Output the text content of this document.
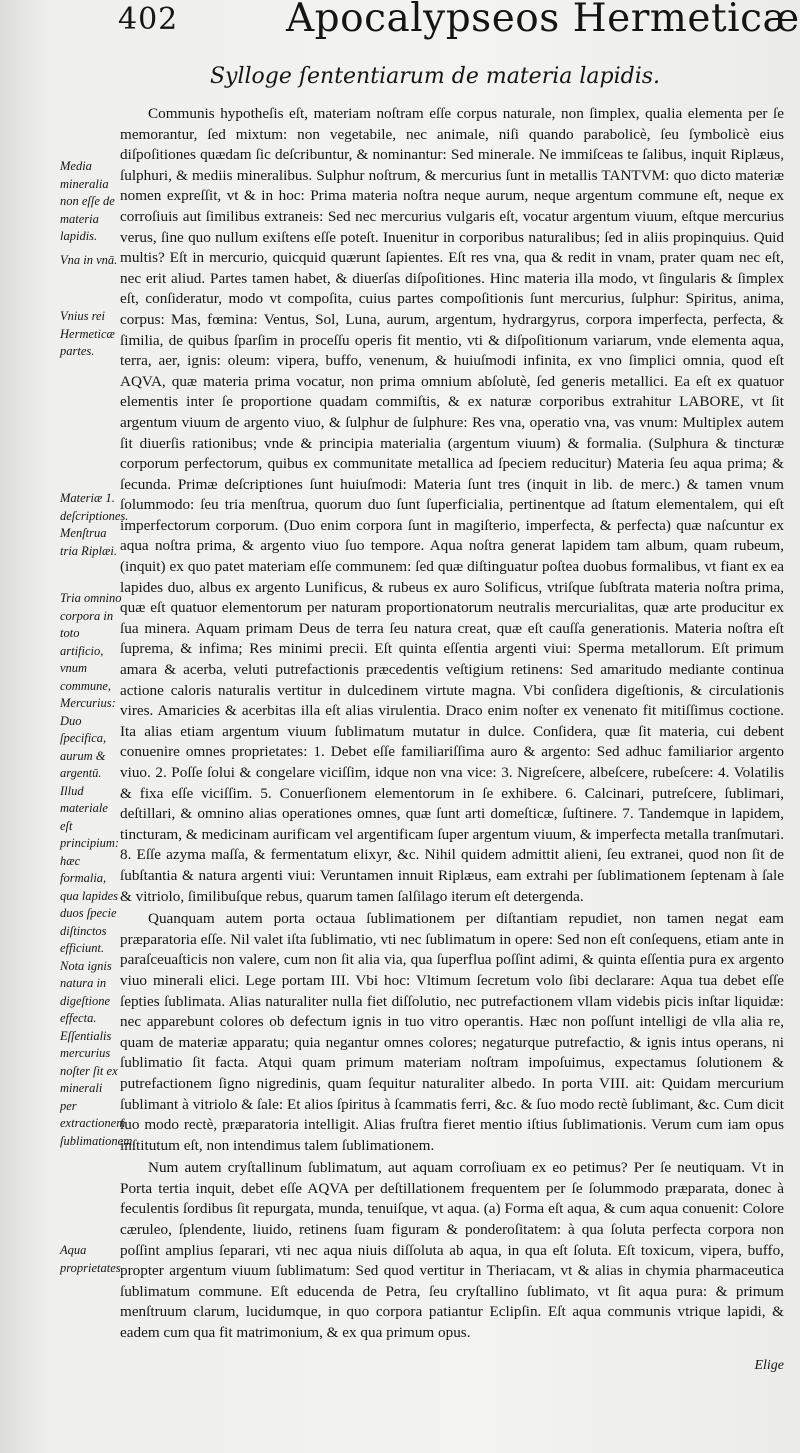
402	Apocalypseos Hermeticæ
Sylloge ſententiarum de materia lapidis.

Communis hypotheſis eſt, materiam noſtram eſſe corpus naturale, non ſimplex, qualia elementa per ſe memorantur, ſed mixtum: non vegetabile, nec animale, niſi quando parabolicè, ſeu ſymbolicè eius diſpoſitiones quædam ſic deſcribuntur, & nominantur: Sed minerale. Ne immiſceas te ſalibus, inquit Riplæus, ſulphuri, & mediis mineralibus. Sulphur noſtrum, & mercurius ſunt in metallis TANTVM: quo dicto materiæ nomen expreſſit, vt & in hoc: Prima materia noſtra neque aurum, neque argentum commune eſt, neque ex corroſiuis aut ſimilibus extraneis: Sed nec mercurius vulgaris eſt, vocatur argentum viuum, eſtque mercurius verus, ſine quo nullum exiſtens eſſe poteſt. Inuenitur in corporibus naturalibus; ſed in aliis propinquius. Quid multis? Eſt in mercurio, quicquid quærunt ſapientes. Eſt res vna, qua & redit in vnam, prater quam nec eſt, nec erit aliud. Partes tamen habet, & diuerſas diſpoſitiones. Hinc materia illa modo, vt ſingularis & ſimplex eſt, conſideratur, modo vt compoſita, cuius partes compoſitionis ſunt mercurius, ſulphur: Spiritus, anima, corpus: Mas, fœmina: Ventus, Sol, Luna, aurum, argentum, hydrargyrus, corpora imperfecta, perfecta, & ſimilia, de quibus ſparſim in proceſſu operis fit mentio, vti & diſpoſitionum variarum, vnde elementa aqua, terra, aer, ignis: oleum: vipera, buffo, venenum, & huiuſmodi infinita, ex vno ſimplici omnia, quod eſt AQVA, quæ materia prima vocatur, non prima omnium abſolutè, ſed generis metallici. Ea eſt ex quatuor elementis inter ſe proportione quadam commiſtis, & ex naturæ corporibus extrahitur LABORE, vt ſit argentum viuum de argento viuo, & ſulphur de ſulphure: Res vna, operatio vna, vas vnum: Multiplex autem ſit diuerſis rationibus; vnde & principia materialia (argentum viuum) & formalia. (Sulphura & tincturæ corporum perfectorum, quibus ex communitate metallica ad ſpeciem reducitur) Materia ſeu aqua prima; & ſecunda. Primæ deſcriptiones ſunt huiuſmodi: Materia ſunt tres (inquit in lib. de merc.) & tamen vnum ſolummodo: ſeu tria menſtrua, quorum duo ſunt ſuperficialia, pertinentque ad ſtatum elementalem, qui eſt imperfectorum corporum. (Duo enim corpora ſunt in magiſterio, imperfecta, & perfecta) quæ naſcuntur ex aqua noſtra prima, & argento viuo ſuo tempore. Aqua noſtra generat lapidem tam album, quam rubeum, (inquit) ex quo patet materiam eſſe communem: ſed quæ diſtinguatur poſtea duobus formalibus, vt fiant ex ea lapides duo, albus ex argento Lunificus, & rubeus ex auro Solificus, vtriſque ſubſtrata materia noſtra prima, quæ eſt quatuor elementorum per naturam proportionatorum neutralis mercurialitas, quæ arte producitur ex ſua minera. Aquam primam Deus de terra ſeu natura creat, quæ eſt cauſſa generationis. Materia noſtra eſt ſuprema, & infima; Res minimi precii. Eſt quinta eſſentia argenti viui: Sperma metallorum. Eſt primum amara & acerba, veluti putrefactionis præcedentis veſtigium retinens: Sed amaritudo mediante continua actione caloris naturalis vertitur in dulcedinem virtute magna. Vbi conſidera digeſtionis, & circulationis vires. Amaricies & acerbitas illa eſt alias virulentia. Draco enim noſter ex venenato fit mitiſſimus coctione. Ita alias etiam argentum viuum ſublimatum mutatur in dulce. Conſidera, quæ ſit materia, cui debent conuenire omnes proprietates: 1. Debet eſſe familiariſſima auro & argento: Sed adhuc familiarior argento viuo. 2. Poſſe ſolui & congelare viciſſim, idque non vna vice: 3. Nigreſcere, albeſcere, rubeſcere: 4. Volatilis & fixa eſſe viciſſim. 5. Conuerſionem elementorum in ſe exhibere. 6. Calcinari, putreſcere, ſublimari, deſtillari, & omnino alias operationes omnes, quæ ſunt arti domeſticæ, ſuſtinere. 7. Tandemque in lapidem, tincturam, & medicinam aurificam vel argentificam ſuper argentum viuum, & imperfecta metalla tranſmutari. 8. Eſſe azyma maſſa, & fermentatum elixyr, &c. Nihil quidem admittit alieni, ſeu extranei, quod non ſit de ſubſtantia & natura argenti viui: Veruntamen innuit Riplæus, eam extrahi per ſublimationem ſeptenam à ſale & vitriolo, ſimilibuſque rebus, quarum tamen ſalſilago iterum eſt detergenda.

Quanquam autem porta octaua ſublimationem per diſtantiam repudiet, non tamen negat eam præparatoria eſſe. Nil valet iſta ſublimatio, vti nec ſublimatum in opere: Sed non eſt conſequens, etiam ante in paraſceuaſticis non valere, cum non ſit alia via, qua ſuperflua poſſint adimi, & quinta eſſentia pura ex argento viuo minerali elici. Lege portam III. Vbi hoc: Vltimum ſecretum volo ſibi declarare: Aqua tua debet eſſe ſepties ſublimata. Alias naturaliter nulla fiet diſſolutio, nec putrefactionem vllam videbis picis inſtar liquidæ: nec apparebunt colores ob defectum ignis in tuo vitro operantis. Hæc non poſſunt intelligi de vlla alia re, quam de materiæ apparatu; quia negantur omnes colores; negaturque putrefactio, & ignis intus operans, ni ſublimatio ſit facta. Atqui quam primum materiam noſtram impoſuimus, expectamus ſolutionem & putrefactionem ſigno nigredinis, quam ſequitur naturaliter albedo. In porta VIII. ait: Quidam mercurium ſublimant à vitriolo & ſale: Et alios ſpiritus à ſcammatis ferri, &c. & ſuo modo rectè ſublimant, &c. Cum dicit ſuo modo rectè, præparatoria intelligit. Alias fruſtra fieret mentio iſtius ſublimationis. Verum cum iam opus inſtitutum eſt, non intendimus talem ſublimationem.

Num autem cryſtallinum ſublimatum, aut aquam corroſiuam ex eo petimus? Per ſe neutiquam. Vt in Porta tertia inquit, debet eſſe AQVA per deſtillationem frequentem per ſe ſolummodo præparata, donec à feculentis ſordibus ſit repurgata, munda, tenuiſque, vt aqua. (a) Forma eſt aqua, & cum aqua conuenit: Colore cæruleo, ſplendente, liuido, retinens ſuam figuram & ponderoſitatem: à qua ſoluta perfecta corpora non poſſint amplius ſeparari, vti nec aqua niuis diſſoluta ab aqua, in qua eſt ſoluta. Eſt toxicum, vipera, buffo, propter argentum viuum ſublimatum: Sed quod vertitur in Theriacam, vt & alias in chymia pharmaceutica ſublimatum commune. Eſt educenda de Petra, ſeu cryſtallino ſublimato, vt ſit aqua pura: & primum menſtruum clarum, lucidumque, in quo corpora patiantur Eclipſin. Eſt aqua communis vtrique lapidi, & eadem cum qua fit matrimonium, & ex qua primum opus.

Media mineralia non eſſe de materia lapidis.
Vna in vnā.
Vnius rei Hermeticæ partes.
Materiæ 1. deſcriptiones. Menſtrua tria Riplæi.
Tria omnino corpora in toto artificio, vnum commune, Mercurius: Duo ſpecifica, aurum & argentū. Illud materiale eſt principium: hæc formalia, qua lapides duos ſpecie diſtinctos efficiunt. Nota ignis natura in digeſtione effecta. Eſſentialis mercurius noſter ſit ex minerali per extractionem ſublimationem.
Aqua proprietates.
Elige
